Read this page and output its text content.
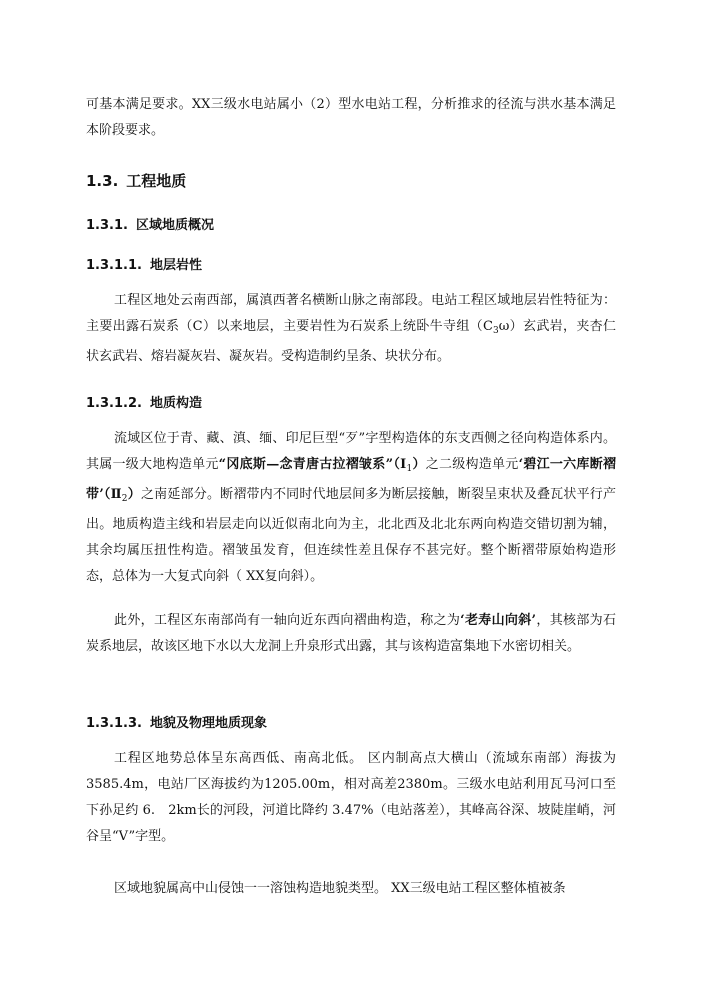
可基本满足要求。XX三级水电站属小（2）型水电站工程，分析推求的径流与洪水基本满足本阶段要求。

1.3. 工程地质
1.3.1. 区域地质概况
1.3.1.1. 地层岩性

工程区地处云南西部，属滇西著名横断山脉之南部段。电站工程区域地层岩性特征为：主要出露石炭系（C）以来地层，主要岩性为石炭系上统卧牛寺组$(C_3\omega)$玄武岩，夹杏仁状玄武岩、熔岩凝灰岩、凝灰岩。受构造制约呈条、块状分布。

1.3.1.2. 地质构造

流域区位于青、藏、滇、缅、印尼巨型“歹”字型构造体的东支西侧之径向构造体系内。其属一级大地构造单元“冈底斯—念青唐古拉褶皱系$”(Ⅰ_1)$之二级构造单元‘碧江一六库断褶带$’(Ⅱ_2)$之南延部分。断褶带内不同时代地层间多为断层接触，断裂呈束状及叠瓦状平行产出。地质构造主线和岩层走向以近似南北向为主，北北西及北北东两向构造交错切割为辅，其余均属压扭性构造。褶皱虽发育，但连续性差且保存不甚完好。整个断褶带原始构造形态，总体为一大复式向斜（ XX复向斜）。

此外，工程区东南部尚有一轴向近东西向褶曲构造，称之为‘老寿山向斜’，其核部为石炭系地层，故该区地下水以大龙洞上升泉形式出露，其与该构造富集地下水密切相关。

1.3.1.3. 地貌及物理地质现象

工程区地势总体呈东高西低、南高北低。 区内制高点大横山（流域东南部）海拔为3585.4m，电站厂区海拔约为1205.00m，相对高差2380m。三级水电站利用瓦马河口至下孙足约 6.　2km长的河段，河道比降约 3.47%（电站落差），其峰高谷深、坡陡崖峭，河谷呈“V”字型。

区域地貌属高中山侵蚀一一溶蚀构造地貌类型。 XX三级电站工程区整体植被条
